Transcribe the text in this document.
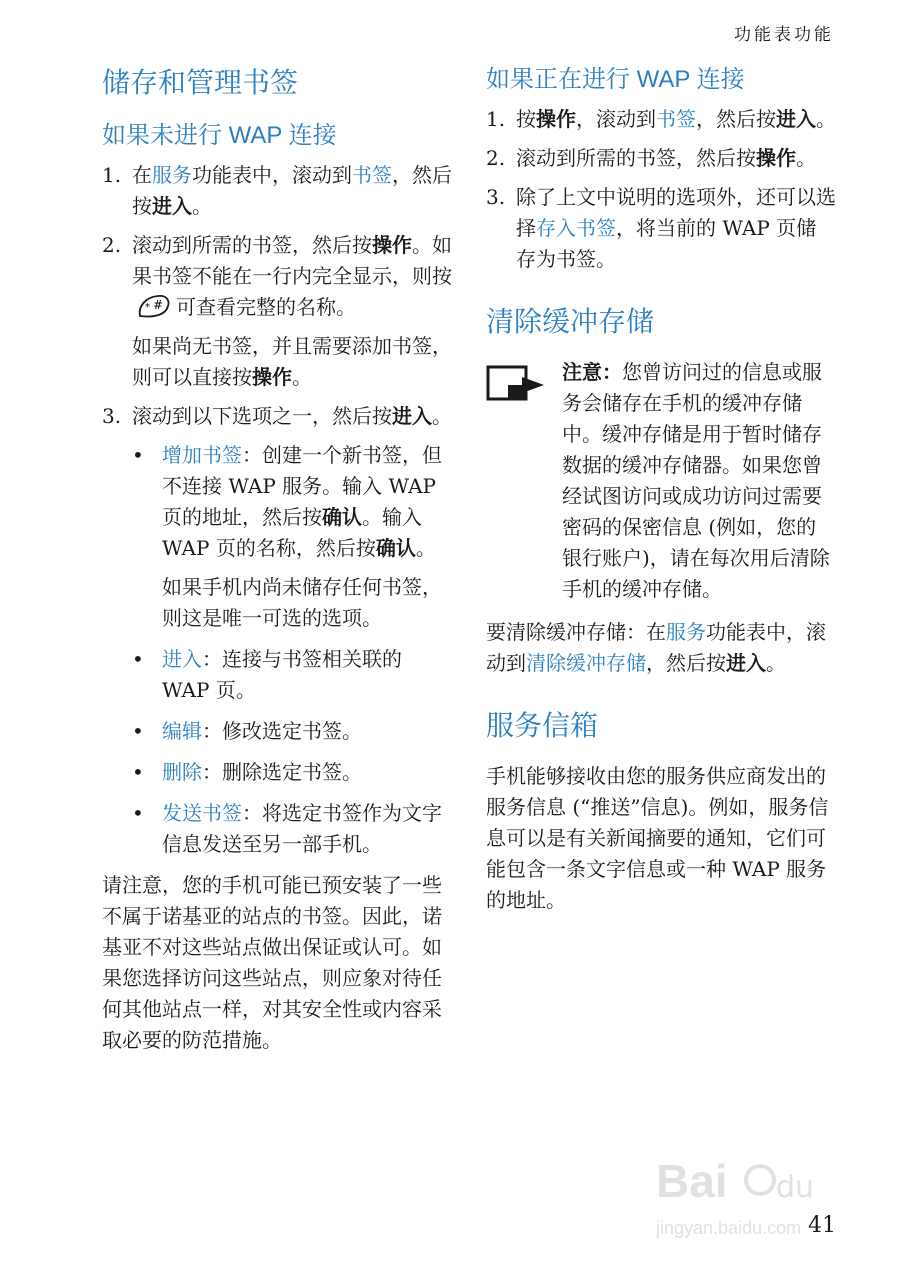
功能表功能
储存和管理书签
如果未进行 WAP 连接
1. 在服务功能表中，滚动到书签，然后按进入。
2. 滚动到所需的书签，然后按操作。如果书签不能在一行内完全显示，则按
* # 可查看完整的名称。

如果尚无书签，并且需要添加书签，则可以直接按操作。

3. 滚动到以下选项之一，然后按进入。
• 增加书签：创建一个新书签，但不连接 WAP 服务。输入 WAP 页的地址，然后按确认。输入 WAP 页的名称，然后按确认。

如果手机内尚未储存任何书签，则这是唯一可选的选项。

• 进入：连接与书签相关联的 WAP 页。
• 编辑：修改选定书签。
• 删除：删除选定书签。
• 发送书签：将选定书签作为文字信息发送至另一部手机。

请注意，您的手机可能已预安装了一些不属于诺基亚的站点的书签。因此，诺基亚不对这些站点做出保证或认可。如果您选择访问这些站点，则应象对待任何其他站点一样，对其安全性或内容采取必要的防范措施。

如果正在进行 WAP 连接
1. 按操作，滚动到书签，然后按进入。
2. 滚动到所需的书签，然后按操作。
3. 除了上文中说明的选项外，还可以选择存入书签，将当前的 WAP 页储存为书签。
清除缓冲存储

注意：您曾访问过的信息或服务会储存在手机的缓冲存储中。缓冲存储是用于暂时储存数据的缓冲存储器。如果您曾经试图访问或成功访问过需要密码的保密信息 (例如，您的银行账户)，请在每次用后清除手机的缓冲存储。

要清除缓冲存储：在服务功能表中，滚动到清除缓冲存储，然后按进入。

服务信箱

手机能够接收由您的服务供应商发出的服务信息 (“推送”信息)。例如，服务信息可以是有关新闻摘要的通知，它们可能包含一条文字信息或一种 WAP 服务的地址。

Bai du
jingyan.baidu.com 41
